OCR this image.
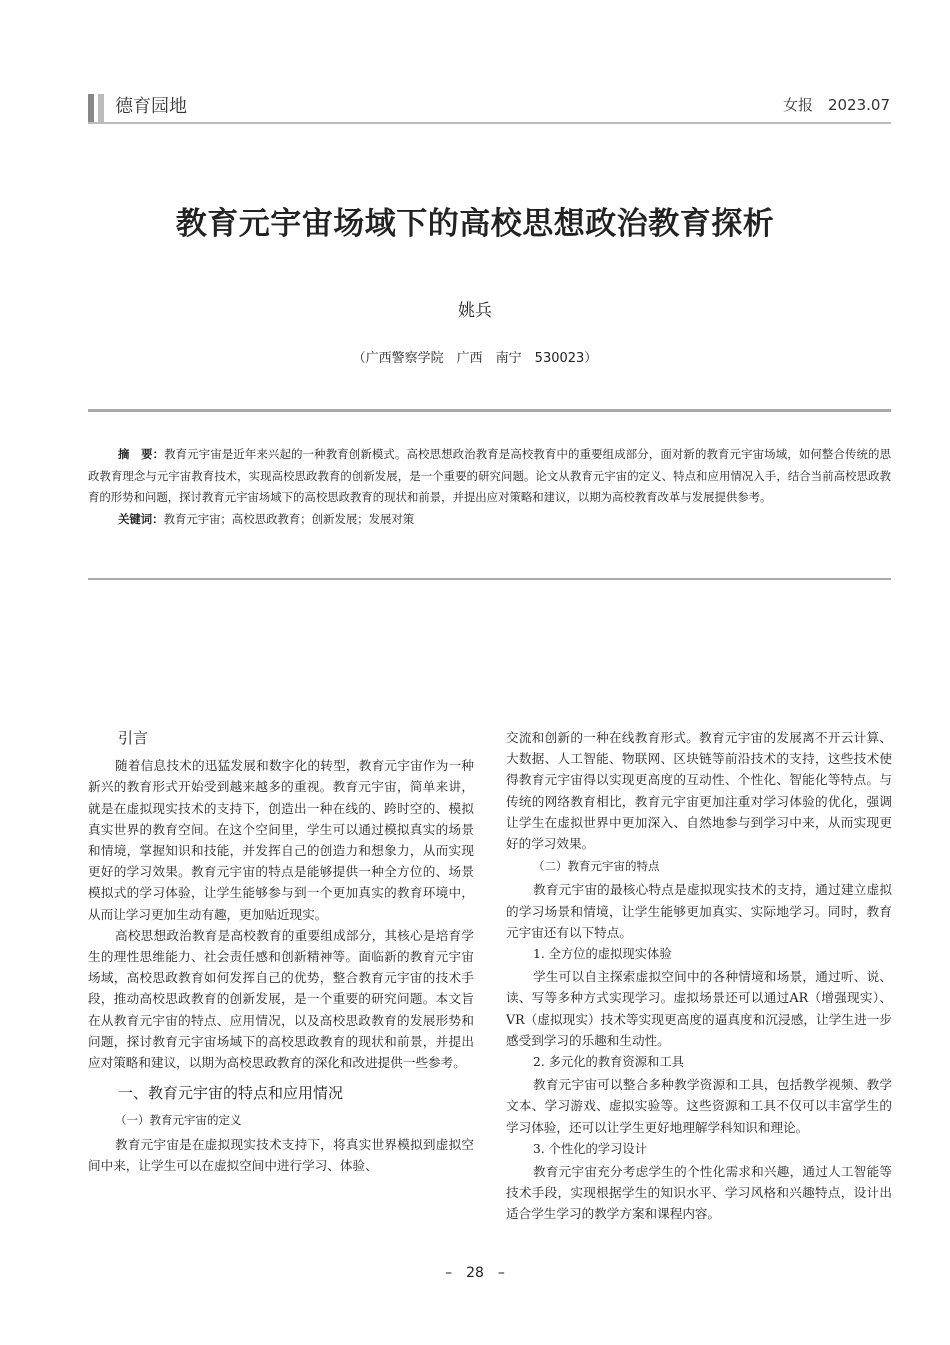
德育园地	女报　2023.07
教育元宇宙场域下的高校思想政治教育探析
姚兵
（广西警察学院　广西　南宁　530023）

摘　要：教育元宇宙是近年来兴起的一种教育创新模式。高校思想政治教育是高校教育中的重要组成部分，面对新的教育元宇宙场域，如何整合传统的思政教育理念与元宇宙教育技术，实现高校思政教育的创新发展，是一个重要的研究问题。论文从教育元宇宙的定义、特点和应用情况入手，结合当前高校思政教育的形势和问题，探讨教育元宇宙场域下的高校思政教育的现状和前景，并提出应对策略和建议，以期为高校教育改革与发展提供参考。

关键词：教育元宇宙；高校思政教育；创新发展；发展对策

引言

随着信息技术的迅猛发展和数字化的转型，教育元宇宙作为一种新兴的教育形式开始受到越来越多的重视。教育元宇宙，简单来讲，就是在虚拟现实技术的支持下，创造出一种在线的、跨时空的、模拟真实世界的教育空间。在这个空间里，学生可以通过模拟真实的场景和情境，掌握知识和技能，并发挥自己的创造力和想象力，从而实现更好的学习效果。教育元宇宙的特点是能够提供一种全方位的、场景模拟式的学习体验，让学生能够参与到一个更加真实的教育环境中，从而让学习更加生动有趣，更加贴近现实。

高校思想政治教育是高校教育的重要组成部分，其核心是培育学生的理性思维能力、社会责任感和创新精神等。面临新的教育元宇宙场域，高校思政教育如何发挥自己的优势，整合教育元宇宙的技术手段，推动高校思政教育的创新发展，是一个重要的研究问题。本文旨在从教育元宇宙的特点、应用情况，以及高校思政教育的发展形势和问题，探讨教育元宇宙场域下的高校思政教育的现状和前景，并提出应对策略和建议，以期为高校思政教育的深化和改进提供一些参考。

一、教育元宇宙的特点和应用情况
（一）教育元宇宙的定义

教育元宇宙是在虚拟现实技术支持下，将真实世界模拟到虚拟空间中来，让学生可以在虚拟空间中进行学习、体验、

交流和创新的一种在线教育形式。教育元宇宙的发展离不开云计算、大数据、人工智能、物联网、区块链等前沿技术的支持，这些技术使得教育元宇宙得以实现更高度的互动性、个性化、智能化等特点。与传统的网络教育相比，教育元宇宙更加注重对学习体验的优化，强调让学生在虚拟世界中更加深入、自然地参与到学习中来，从而实现更好的学习效果。

（二）教育元宇宙的特点

教育元宇宙的最核心特点是虚拟现实技术的支持，通过建立虚拟的学习场景和情境，让学生能够更加真实、实际地学习。同时，教育元宇宙还有以下特点。

1. 全方位的虚拟现实体验

学生可以自主探索虚拟空间中的各种情境和场景，通过听、说、读、写等多种方式实现学习。虚拟场景还可以通过AR（增强现实）、VR（虚拟现实）技术等实现更高度的逼真度和沉浸感，让学生进一步感受到学习的乐趣和生动性。

2. 多元化的教育资源和工具

教育元宇宙可以整合多种教学资源和工具，包括教学视频、教学文本、学习游戏、虚拟实验等。这些资源和工具不仅可以丰富学生的学习体验，还可以让学生更好地理解学科知识和理论。

3. 个性化的学习设计

教育元宇宙充分考虑学生的个性化需求和兴趣，通过人工智能等技术手段，实现根据学生的知识水平、学习风格和兴趣特点，设计出适合学生学习的教学方案和课程内容。

–　28　–
